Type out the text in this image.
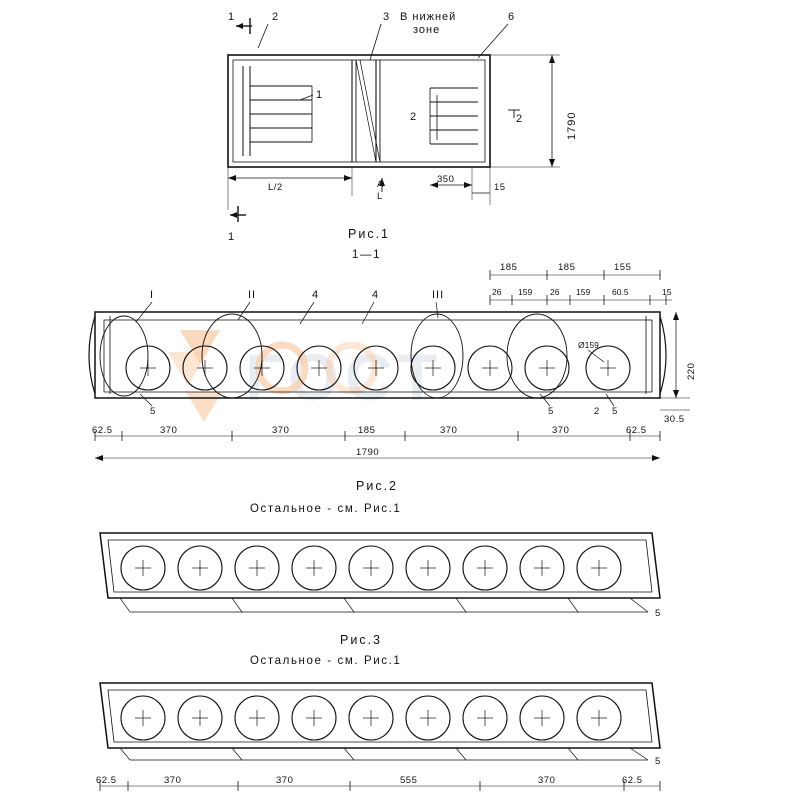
ГОСТ
1	2
1
3 В нижней
зоне
6
1
2	2	1790
L/2	A
L
350
15
Рис.1
1—1
I	II	III
4	4
Ø159
5	5	2 5
185	185	155
26 159 26 159	60.5	15
220
30.5
62.5	370	370	185	370	370	62.5
1790
Рис.2
Остальное - см. Рис.1
5
Рис.3
Остальное - см. Рис.1
5
62.5	370	370	555	370	62.5
